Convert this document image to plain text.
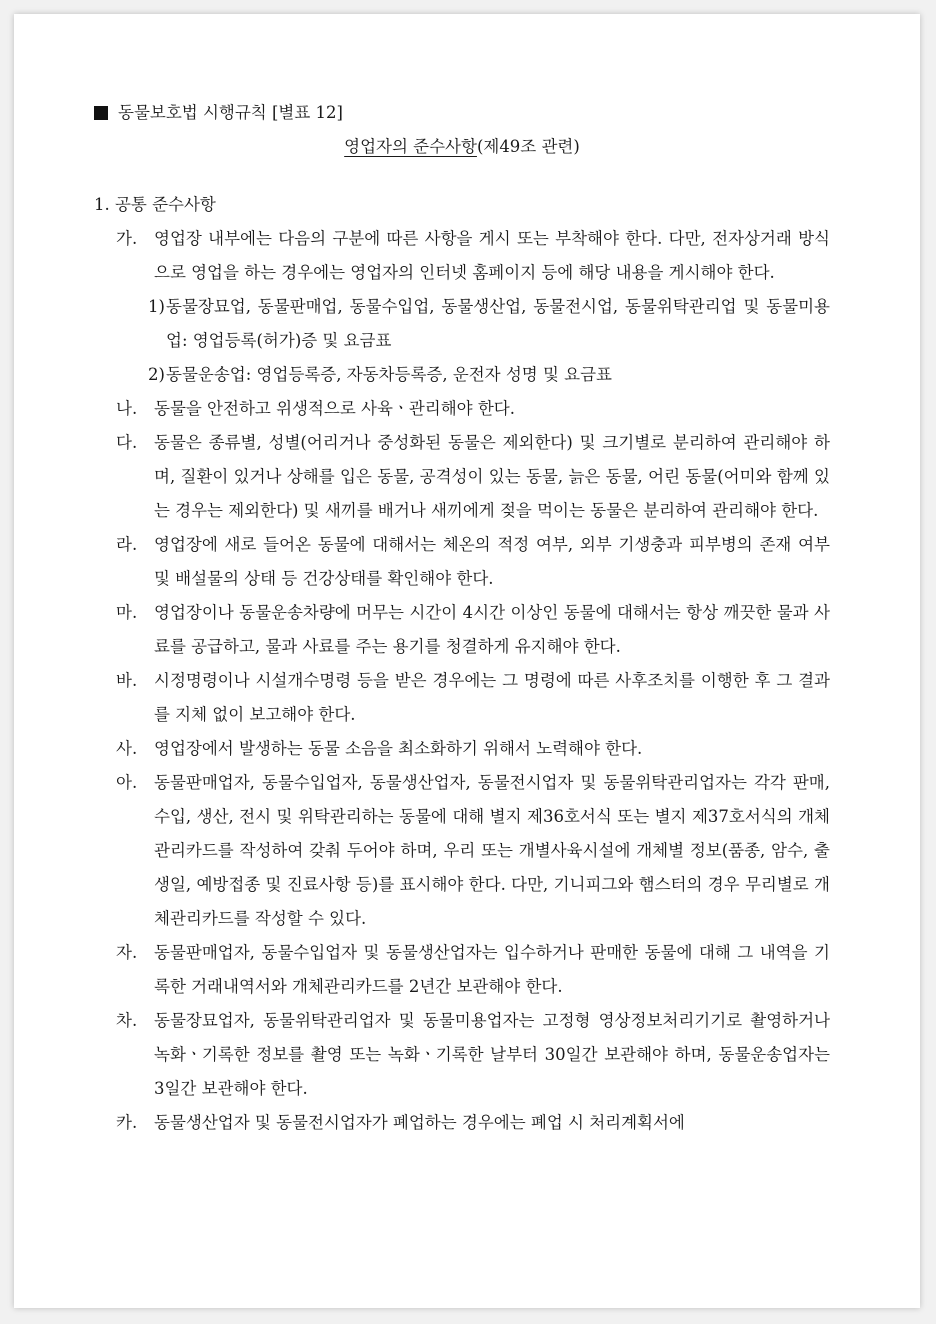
동물보호법 시행규칙 [별표 12]
영업자의 준수사항(제49조 관련)
1. 공통 준수사항
가.	영업장 내부에는 다음의 구분에 따른 사항을 게시 또는 부착해야 한다. 다만, 전자상거래 방식으로 영업을 하는 경우에는 영업자의 인터넷 홈페이지 등에 해당 내용을 게시해야 한다.
1) 동물장묘업, 동물판매업, 동물수입업, 동물생산업, 동물전시업, 동물위탁관리업 및 동물미용업: 영업등록(허가)증 및 요금표
2) 동물운송업: 영업등록증, 자동차등록증, 운전자 성명 및 요금표
나.	동물을 안전하고 위생적으로 사육ㆍ관리해야 한다.
다.	동물은 종류별, 성별(어리거나 중성화된 동물은 제외한다) 및 크기별로 분리하여 관리해야 하며, 질환이 있거나 상해를 입은 동물, 공격성이 있는 동물, 늙은 동물, 어린 동물(어미와 함께 있는 경우는 제외한다) 및 새끼를 배거나 새끼에게 젖을 먹이는 동물은 분리하여 관리해야 한다.
라.	영업장에 새로 들어온 동물에 대해서는 체온의 적정 여부, 외부 기생충과 피부병의 존재 여부 및 배설물의 상태 등 건강상태를 확인해야 한다.
마.	영업장이나 동물운송차량에 머무는 시간이 4시간 이상인 동물에 대해서는 항상 깨끗한 물과 사료를 공급하고, 물과 사료를 주는 용기를 청결하게 유지해야 한다.
바.	시정명령이나 시설개수명령 등을 받은 경우에는 그 명령에 따른 사후조치를 이행한 후 그 결과를 지체 없이 보고해야 한다.
사.	영업장에서 발생하는 동물 소음을 최소화하기 위해서 노력해야 한다.
아.	동물판매업자, 동물수입업자, 동물생산업자, 동물전시업자 및 동물위탁관리업자는 각각 판매, 수입, 생산, 전시 및 위탁관리하는 동물에 대해 별지 제36호서식 또는 별지 제37호서식의 개체관리카드를 작성하여 갖춰 두어야 하며, 우리 또는 개별사육시설에 개체별 정보(품종, 암수, 출생일, 예방접종 및 진료사항 등)를 표시해야 한다. 다만, 기니피그와 햄스터의 경우 무리별로 개체관리카드를 작성할 수 있다.
자.	동물판매업자, 동물수입업자 및 동물생산업자는 입수하거나 판매한 동물에 대해 그 내역을 기록한 거래내역서와 개체관리카드를 2년간 보관해야 한다.
차.	동물장묘업자, 동물위탁관리업자 및 동물미용업자는 고정형 영상정보처리기기로 촬영하거나 녹화ㆍ기록한 정보를 촬영 또는 녹화ㆍ기록한 날부터 30일간 보관해야 하며, 동물운송업자는 3일간 보관해야 한다.
카.	동물생산업자 및 동물전시업자가 폐업하는 경우에는 폐업 시 처리계획서에
